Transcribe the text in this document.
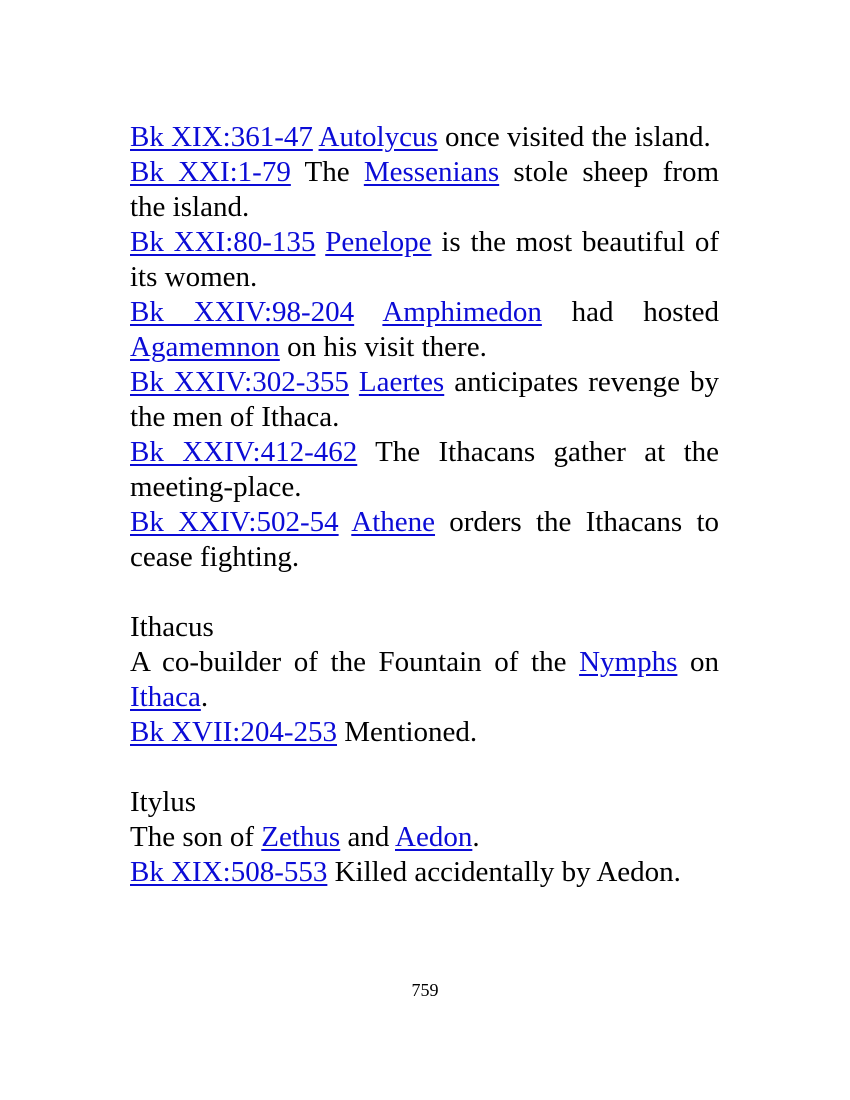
Bk XIX:361-47 Autolycus once visited the island.

Bk XXI:1-79 The Messenians stole sheep from the island.

Bk XXI:80-135 Penelope is the most beautiful of its women.

Bk XXIV:98-204 Amphimedon had hosted Agamemnon on his visit there.

Bk XXIV:302-355 Laertes anticipates revenge by the men of Ithaca.

Bk XXIV:412-462 The Ithacans gather at the meeting-place.

Bk XXIV:502-54 Athene orders the Ithacans to cease fighting.

Ithacus

A co-builder of the Fountain of the Nymphs on Ithaca.

Bk XVII:204-253 Mentioned.

Itylus

The son of Zethus and Aedon.

Bk XIX:508-553 Killed accidentally by Aedon.

759
